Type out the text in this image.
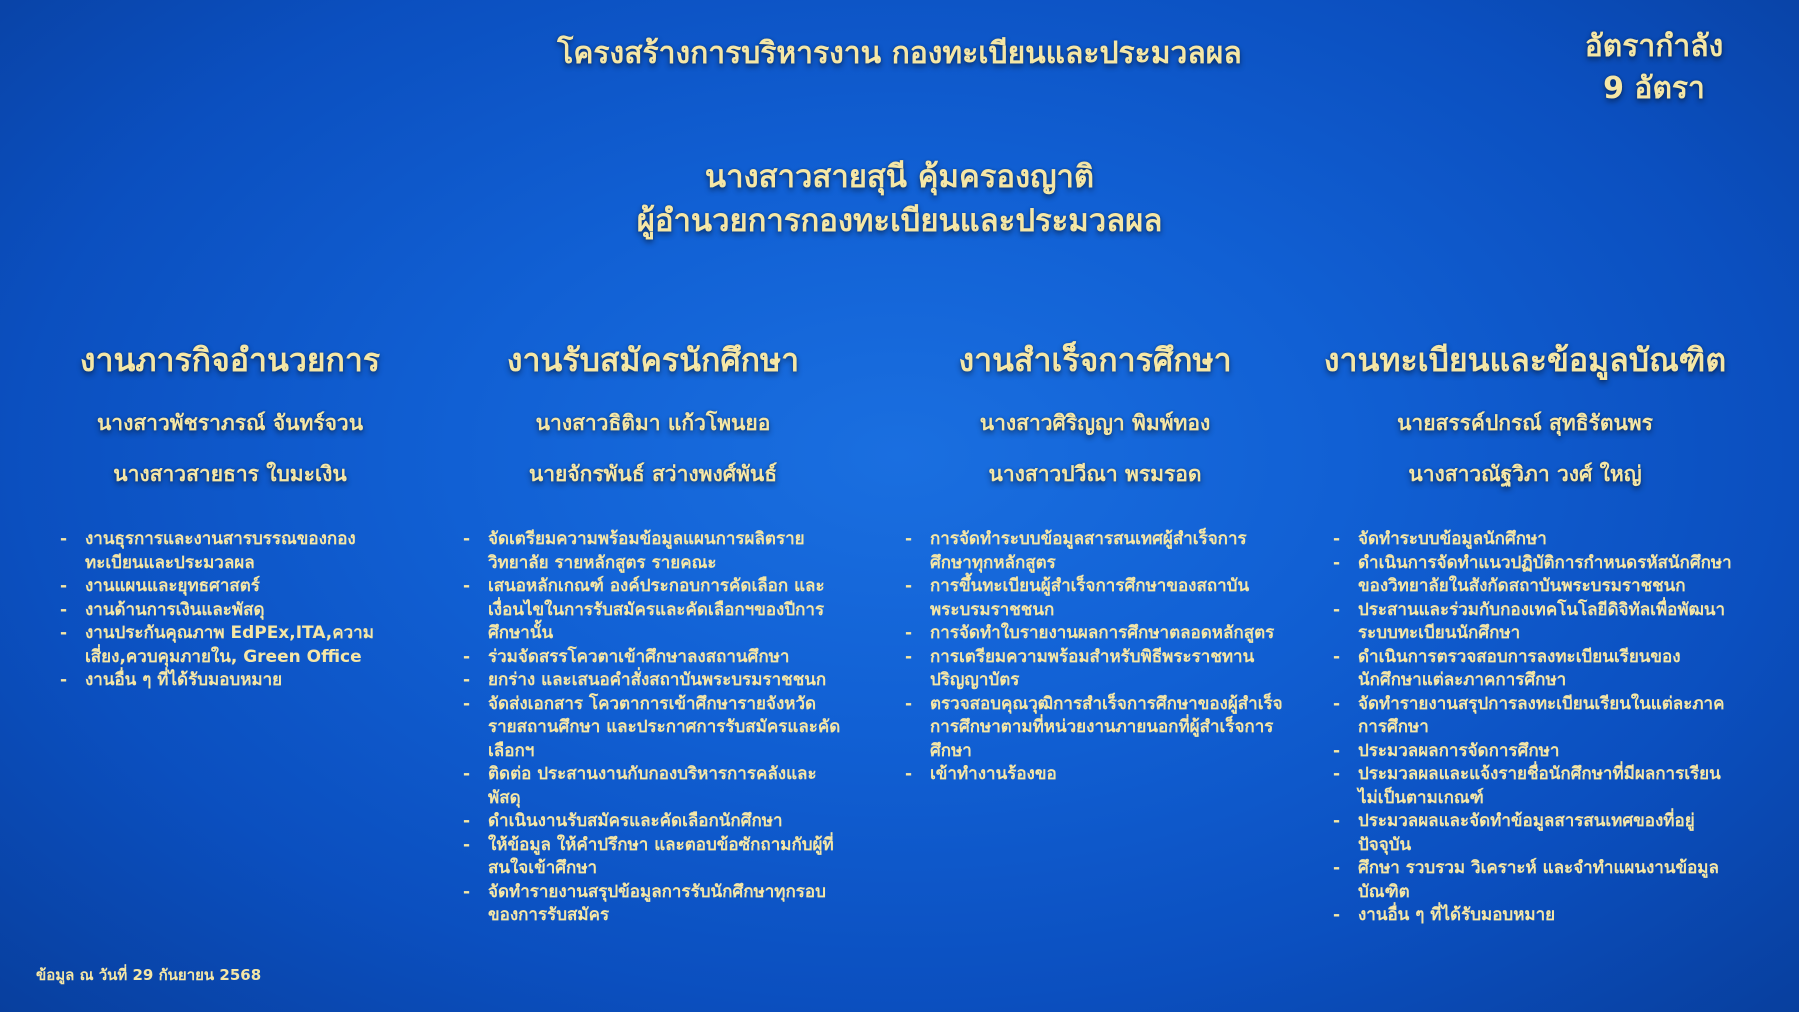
โครงสร้างการบริหารงาน กองทะเบียนและประมวลผล	อัตรากำลัง
9 อัตรา
นางสาวสายสุนี คุ้มครองญาติ
ผู้อำนวยการกองทะเบียนและประมวลผล
งานภารกิจอำนวยการ
นางสาวพัชราภรณ์ จันทร์จวน
นางสาวสายธาร ใบมะเงิน
- งานธุรการและงานสารบรรณของกองทะเบียนและประมวลผล
- งานแผนและยุทธศาสตร์
- งานด้านการเงินและพัสดุ
- งานประกันคุณภาพ EdPEx,ITA,ความเสี่ยง,ควบคุมภายใน, Green Office
- งานอื่น ๆ ที่ได้รับมอบหมาย
งานรับสมัครนักศึกษา
นางสาวธิติมา แก้วโพนยอ
นายจักรพันธ์ สว่างพงศ์พันธ์
- จัดเตรียมความพร้อมข้อมูลแผนการผลิตรายวิทยาลัย รายหลักสูตร รายคณะ
- เสนอหลักเกณฑ์ องค์ประกอบการคัดเลือก และเงื่อนไขในการรับสมัครและคัดเลือกฯของปีการศึกษานั้น
- ร่วมจัดสรรโควตาเข้าศึกษาลงสถานศึกษา
- ยกร่าง และเสนอคำสั่งสถาบันพระบรมราชชนก
- จัดส่งเอกสาร โควตาการเข้าศึกษารายจังหวัด รายสถานศึกษา และประกาศการรับสมัครและคัดเลือกฯ
- ติดต่อ ประสานงานกับกองบริหารการคลังและพัสดุ
- ดำเนินงานรับสมัครและคัดเลือกนักศึกษา
- ให้ข้อมูล ให้คำปรึกษา และตอบข้อซักถามกับผู้ที่สนใจเข้าศึกษา
- จัดทำรายงานสรุปข้อมูลการรับนักศึกษาทุกรอบของการรับสมัคร
งานสำเร็จการศึกษา
นางสาวศิริญญา พิมพ์ทอง
นางสาวปวีณา พรมรอด
- การจัดทำระบบข้อมูลสารสนเทศผู้สำเร็จการศึกษาทุกหลักสูตร
- การขึ้นทะเบียนผู้สำเร็จการศึกษาของสถาบันพระบรมราชชนก
- การจัดทำใบรายงานผลการศึกษาตลอดหลักสูตร
- การเตรียมความพร้อมสำหรับพิธีพระราชทานปริญญาบัตร
- ตรวจสอบคุณวุฒิการสำเร็จการศึกษาของผู้สำเร็จการศึกษาตามที่หน่วยงานภายนอกที่ผู้สำเร็จการศึกษา
- เข้าทำงานร้องขอ
งานทะเบียนและข้อมูลบัณฑิต
นายสรรค์ปกรณ์ สุทธิรัตนพร
นางสาวณัฐวิภา วงศ์ ใหญ่
- จัดทำระบบข้อมูลนักศึกษา
- ดำเนินการจัดทำแนวปฏิบัติการกำหนดรหัสนักศึกษาของวิทยาลัยในสังกัดสถาบันพระบรมราชชนก
- ประสานและร่วมกับกองเทคโนโลยีดิจิทัลเพื่อพัฒนาระบบทะเบียนนักศึกษา
- ดำเนินการตรวจสอบการลงทะเบียนเรียนของนักศึกษาแต่ละภาคการศึกษา
- จัดทำรายงานสรุปการลงทะเบียนเรียนในแต่ละภาคการศึกษา
- ประมวลผลการจัดการศึกษา
- ประมวลผลและแจ้งรายชื่อนักศึกษาที่มีผลการเรียนไม่เป็นตามเกณฑ์
- ประมวลผลและจัดทำข้อมูลสารสนเทศของที่อยู่ปัจจุบัน
- ศึกษา รวบรวม วิเคราะห์ และจำทำแผนงานข้อมูลบัณฑิต
- งานอื่น ๆ ที่ได้รับมอบหมาย
ข้อมูล ณ วันที่ 29 กันยายน 2568
